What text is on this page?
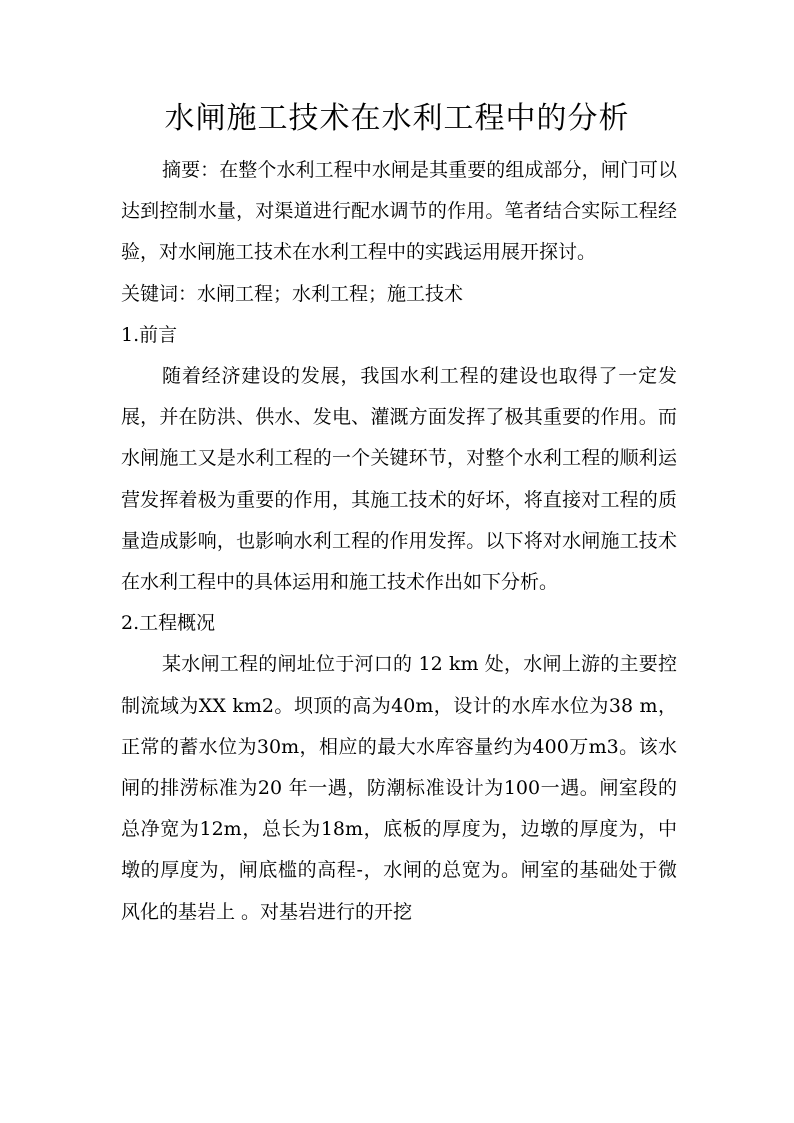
水闸施工技术在水利工程中的分析

摘要：在整个水利工程中水闸是其重要的组成部分，闸门可以达到控制水量，对渠道进行配水调节的作用。笔者结合实际工程经验，对水闸施工技术在水利工程中的实践运用展开探讨。

关键词：水闸工程；水利工程；施工技术

1.前言

随着经济建设的发展，我国水利工程的建设也取得了一定发展，并在防洪、供水、发电、灌溉方面发挥了极其重要的作用。而水闸施工又是水利工程的一个关键环节，对整个水利工程的顺利运营发挥着极为重要的作用，其施工技术的好坏，将直接对工程的质量造成影响，也影响水利工程的作用发挥。以下将对水闸施工技术在水利工程中的具体运用和施工技术作出如下分析。

2.工程概况

某水闸工程的闸址位于河口的 12 km 处，水闸上游的主要控制流域为XX km2。坝顶的高为40m，设计的水库水位为38 m，正常的蓄水位为30m，相应的最大水库容量约为400万m3。该水闸的排涝标准为20 年一遇，防潮标准设计为100一遇。闸室段的总净宽为12m，总长为18m，底板的厚度为，边墩的厚度为，中墩的厚度为，闸底槛的高程-，水闸的总宽为。闸室的基础处于微风化的基岩上 。对基岩进行的开挖
